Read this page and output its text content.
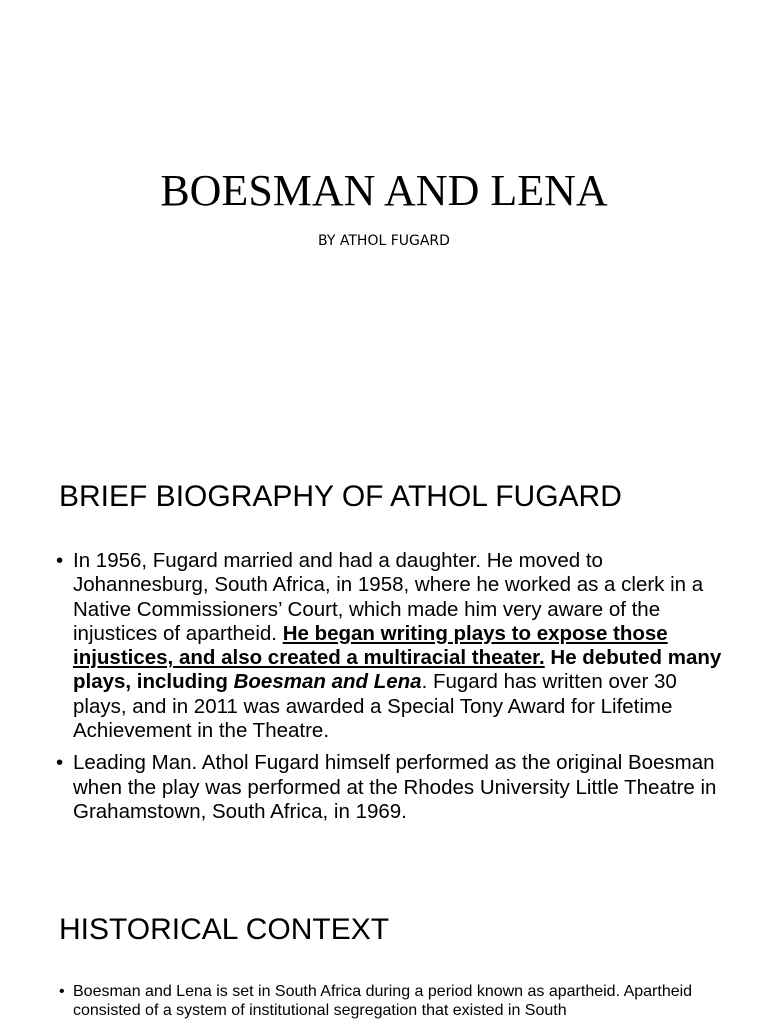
BOESMAN AND LENA
BY ATHOL FUGARD
BRIEF BIOGRAPHY OF ATHOL FUGARD
• In 1956, Fugard married and had a daughter. He moved to Johannesburg, South Africa, in 1958, where he worked as a clerk in a Native Commissioners’ Court, which made him very aware of the injustices of apartheid. He began writing plays to expose those injustices, and also created a multiracial theater. He debuted many plays, including Boesman and Lena. Fugard has written over 30 plays, and in 2011 was awarded a Special Tony Award for Lifetime Achievement in the Theatre.
• Leading Man. Athol Fugard himself performed as the original Boesman when the play was performed at the Rhodes University Little Theatre in Grahamstown, South Africa, in 1969.
HISTORICAL CONTEXT
• Boesman and Lena is set in South Africa during a period known as apartheid. Apartheid consisted of a system of institutional segregation that existed in South
